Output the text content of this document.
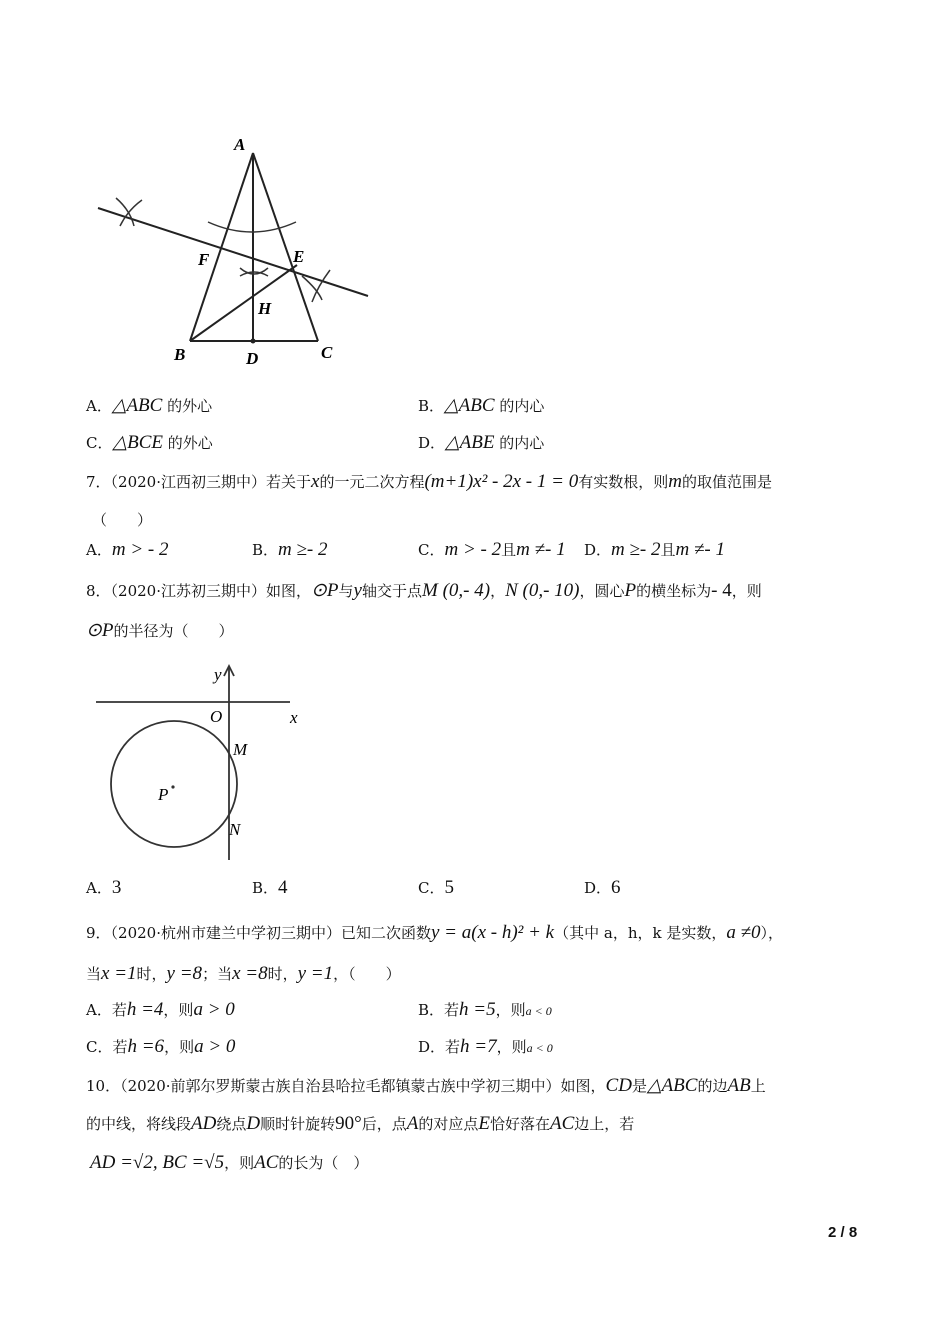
A
F	E
H
B	D	C
A．△ABC 的外心	B．△ABC 的内心
C．△BCE 的外心	D．△ABE 的内心
7．（2020·江西初三期中）若关于x的一元二次方程(m+1)x² - 2x - 1 = 0有实数根，则m的取值范围是
（　　）
A．m > - 2	B．m ≥- 2	C．m > - 2且m ≠- 1 D．m ≥- 2且m ≠- 1
8．（2020·江苏初三期中）如图，⊙P与y轴交于点M (0,- 4)，N (0,- 10)，圆心P的横坐标为- 4，则
⊙P的半径为（　　）
y
x
O
M
N
P
A．3	B．4	C．5	D．6
9．（2020·杭州市建兰中学初三期中）已知二次函数y = a(x - h)² + k（其中 a，h，k 是实数，a ≠0），
当x =1时，y =8；当x =8时，y =1，（　　）
A．若h =4，则a > 0	B．若h =5，则a < 0
C．若h =6，则a > 0	D．若h =7，则a < 0
10．（2020·前郭尔罗斯蒙古族自治县哈拉毛都镇蒙古族中学初三期中）如图，CD是△ABC的边AB上
的中线，将线段AD绕点D顺时针旋转90°后，点A的对应点E恰好落在AC边上，若
AD =√2, BC =√5，则AC的长为（　）
2 / 8
